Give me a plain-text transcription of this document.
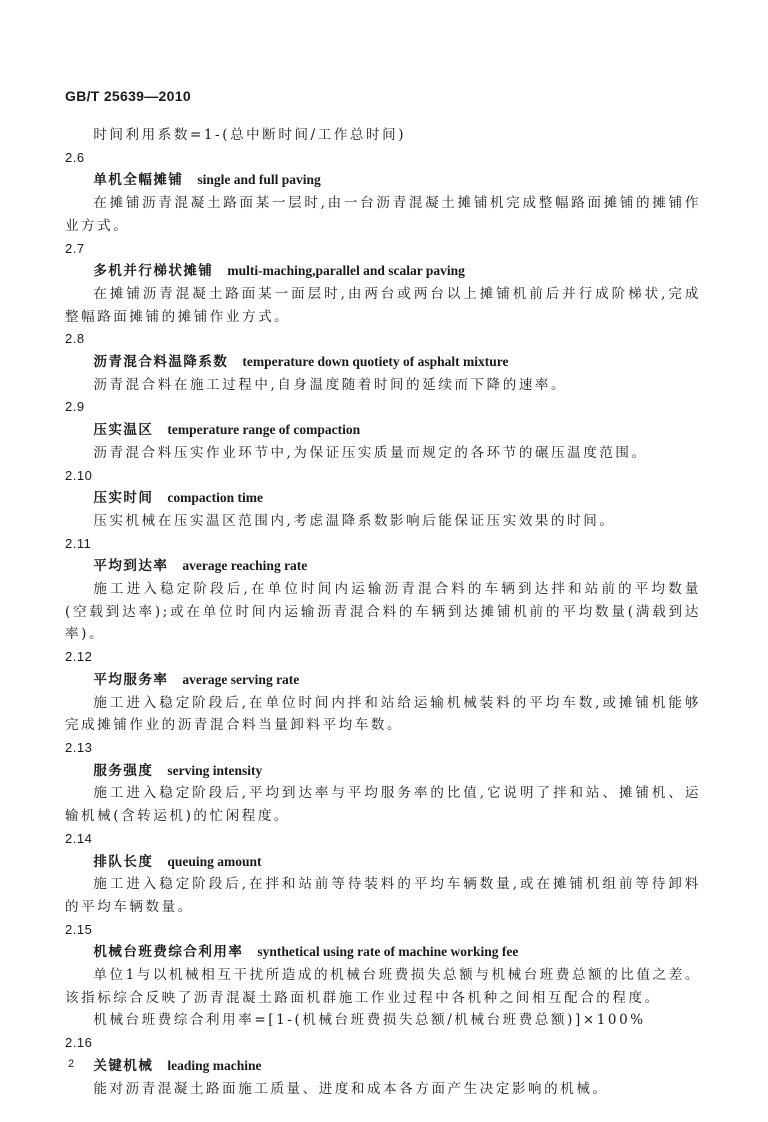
GB/T 25639—2010
时间利用系数=1-(总中断时间/工作总时间)
2.6
单机全幅摊铺 single and full paving
在摊铺沥青混凝土路面某一层时,由一台沥青混凝土摊铺机完成整幅路面摊铺的摊铺作业方式。
2.7
多机并行梯状摊铺 multi-maching,parallel and scalar paving
在摊铺沥青混凝土路面某一面层时,由两台或两台以上摊铺机前后并行成阶梯状,完成整幅路面摊铺的摊铺作业方式。
2.8
沥青混合料温降系数 temperature down quotiety of asphalt mixture
沥青混合料在施工过程中,自身温度随着时间的延续而下降的速率。
2.9
压实温区 temperature range of compaction
沥青混合料压实作业环节中,为保证压实质量而规定的各环节的碾压温度范围。
2.10
压实时间 compaction time
压实机械在压实温区范围内,考虑温降系数影响后能保证压实效果的时间。
2.11
平均到达率 average reaching rate
施工进入稳定阶段后,在单位时间内运输沥青混合料的车辆到达拌和站前的平均数量(空载到达率);或在单位时间内运输沥青混合料的车辆到达摊铺机前的平均数量(满载到达率)。
2.12
平均服务率 average serving rate
施工进入稳定阶段后,在单位时间内拌和站给运输机械装料的平均车数,或摊铺机能够完成摊铺作业的沥青混合料当量卸料平均车数。
2.13
服务强度 serving intensity
施工进入稳定阶段后,平均到达率与平均服务率的比值,它说明了拌和站、摊铺机、运输机械(含转运机)的忙闲程度。
2.14
排队长度 queuing amount
施工进入稳定阶段后,在拌和站前等待装料的平均车辆数量,或在摊铺机组前等待卸料的平均车辆数量。
2.15
机械台班费综合利用率 synthetical using rate of machine working fee
单位1与以机械相互干扰所造成的机械台班费损失总额与机械台班费总额的比值之差。该指标综合反映了沥青混凝土路面机群施工作业过程中各机种之间相互配合的程度。
机械台班费综合利用率=[1-(机械台班费损失总额/机械台班费总额)]×100%
2.16
关键机械 leading machine
能对沥青混凝土路面施工质量、进度和成本各方面产生决定影响的机械。
2
